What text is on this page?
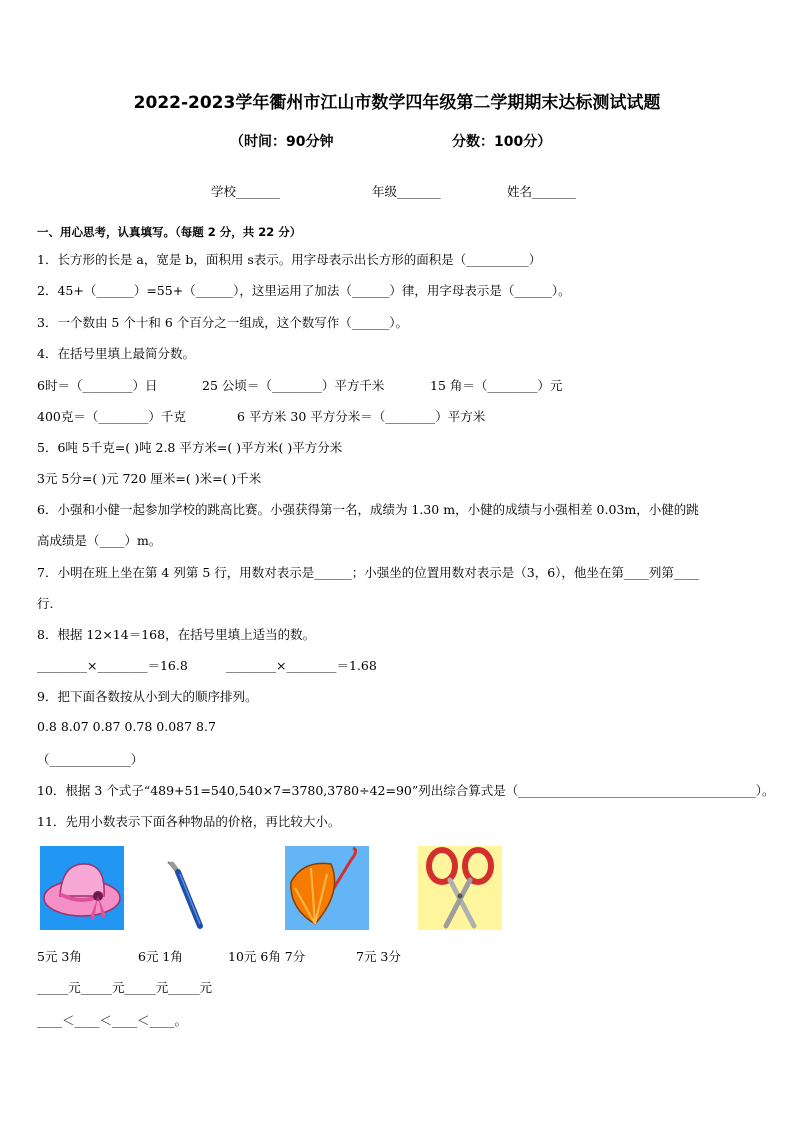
2022-2023学年衢州市江山市数学四年级第二学期期末达标测试试题
（时间：90分钟	分数：100分）
学校_______	年级_______	姓名_______
一、用心思考，认真填写。（每题 2 分，共 22 分）
1．长方形的长是 a，宽是 b，面积用 s表示。用字母表示出长方形的面积是（__________）
2．45+（______）=55+（______），这里运用了加法（______）律，用字母表示是（______）。
3．一个数由 5 个十和 6 个百分之一组成，这个数写作（______）。
4．在括号里填上最简分数。
6时＝（________）日	25 公顷＝（________）平方千米	15 角＝（________）元
400克＝（________）千克	6 平方米 30 平方分米＝（________）平方米
5．6吨 5千克=( )吨 2.8 平方米=( )平方米( )平方分米
3元 5分=( )元 720 厘米=( )米=( )千米
6．小强和小健一起参加学校的跳高比赛。小强获得第一名，成绩为 1.30 m，小健的成绩与小强相差 0.03m，小健的跳
高成绩是（____）m。
7．小明在班上坐在第 4 列第 5 行，用数对表示是______；小强坐的位置用数对表示是（3，6），他坐在第____列第____
行.
8．根据 12×14＝168，在括号里填上适当的数。
________×________＝16.8	________×________＝1.68
9．把下面各数按从小到大的顺序排列。
0.8 8.07 0.87 0.78 0.087 8.7
（_____________）
10．根据 3 个式子“489+51=540,540×7=3780,3780÷42=90”列出综合算式是（______________________________________）。
11．先用小数表示下面各种物品的价格，再比较大小。
5元 3角	6元 1角	10元 6角 7分	7元 3分
_____元_____元_____元_____元
____＜____＜____＜____。
